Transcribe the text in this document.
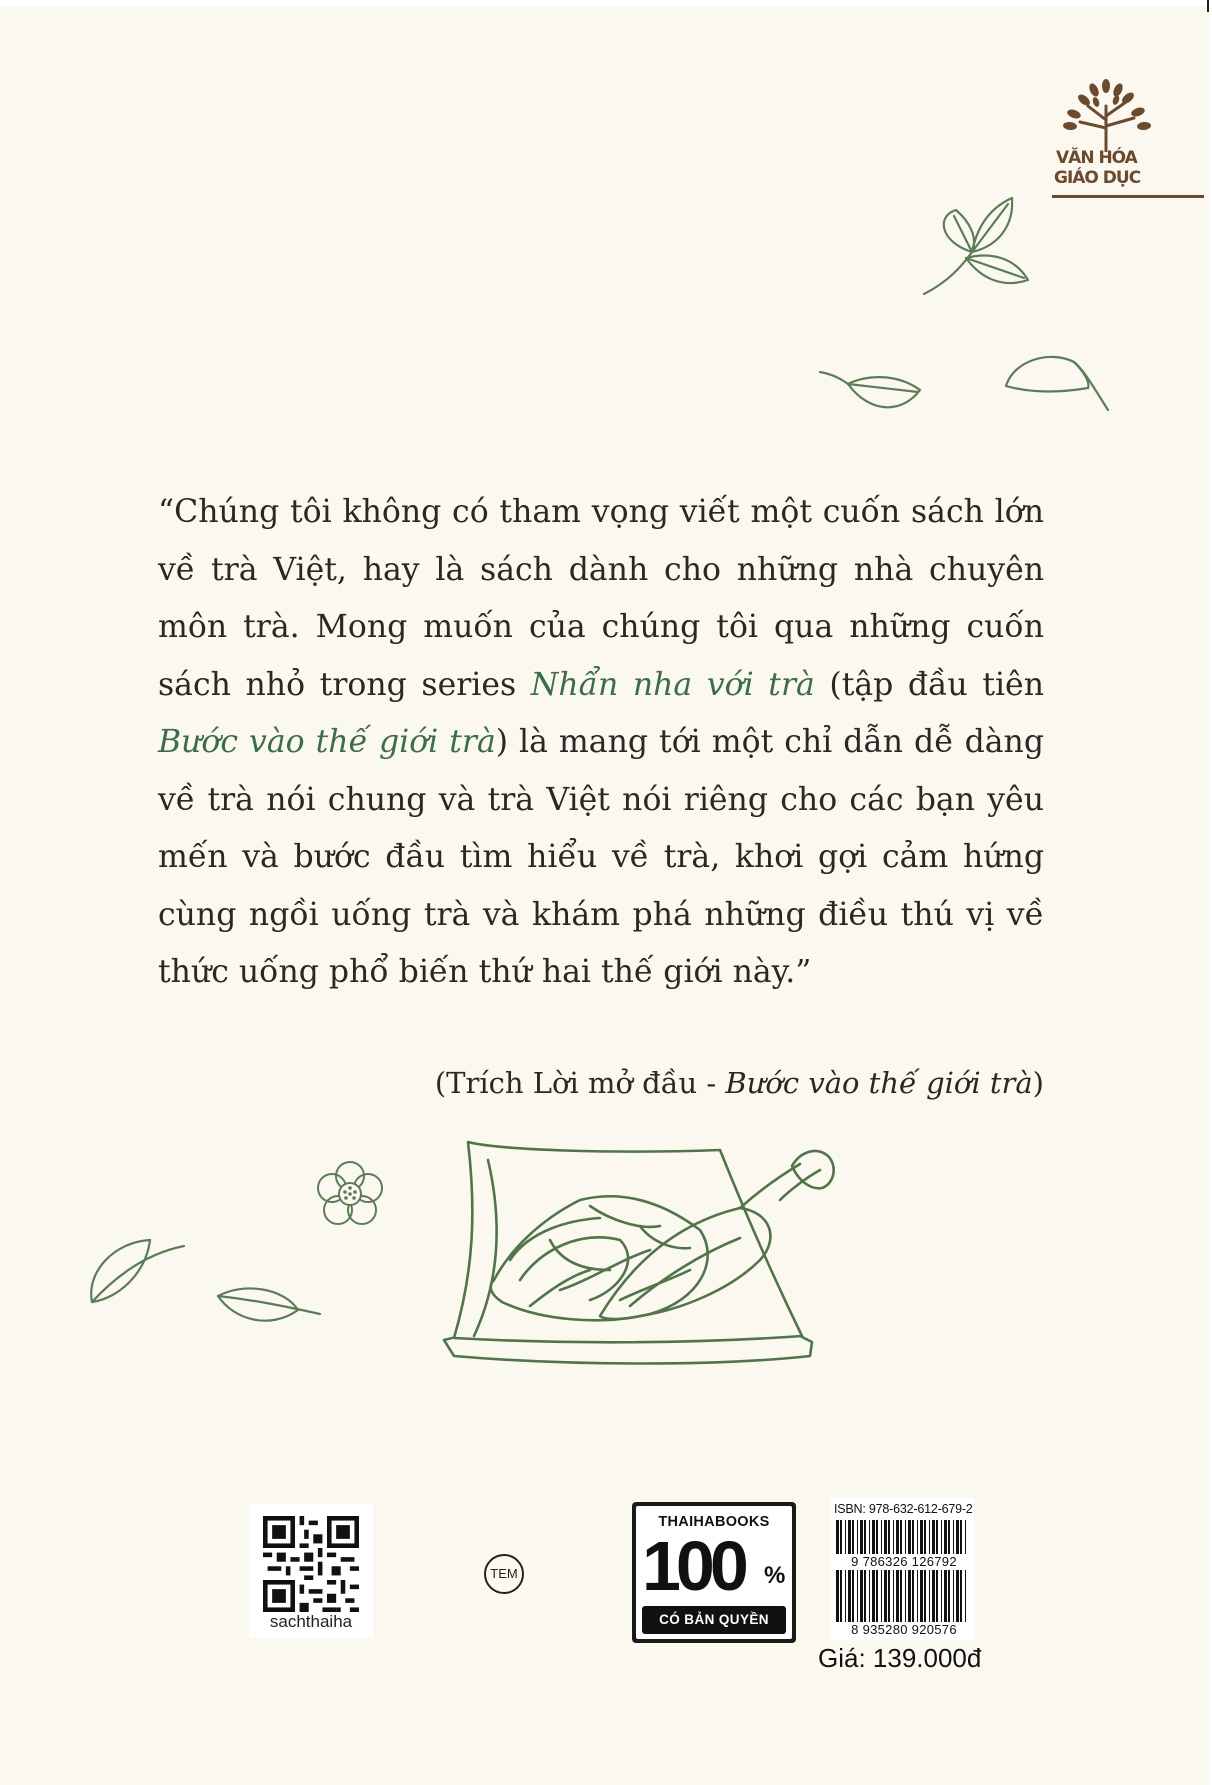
VĂN HÓA
GIÁO DỤC

“Chúng tôi không có tham vọng viết một cuốn sách lớn về trà Việt, hay là sách dành cho những nhà chuyên môn trà. Mong muốn của chúng tôi qua những cuốn sách nhỏ trong series Nhẩn nha với trà (tập đầu tiên Bước vào thế giới trà) là mang tới một chỉ dẫn dễ dàng về trà nói chung và trà Việt nói riêng cho các bạn yêu mến và bước đầu tìm hiểu về trà, khơi gợi cảm hứng cùng ngồi uống trà và khám phá những điều thú vị về thức uống phổ biến thứ hai thế giới này.”

(Trích Lời mở đầu - Bước vào thế giới trà)
sachthaiha
TEM
THAIHABOOKS
100 %
CÓ BẢN QUYỀN
ISBN: 978-632-612-679-2
9 786326 126792
8 935280 920576
Giá: 139.000đ
